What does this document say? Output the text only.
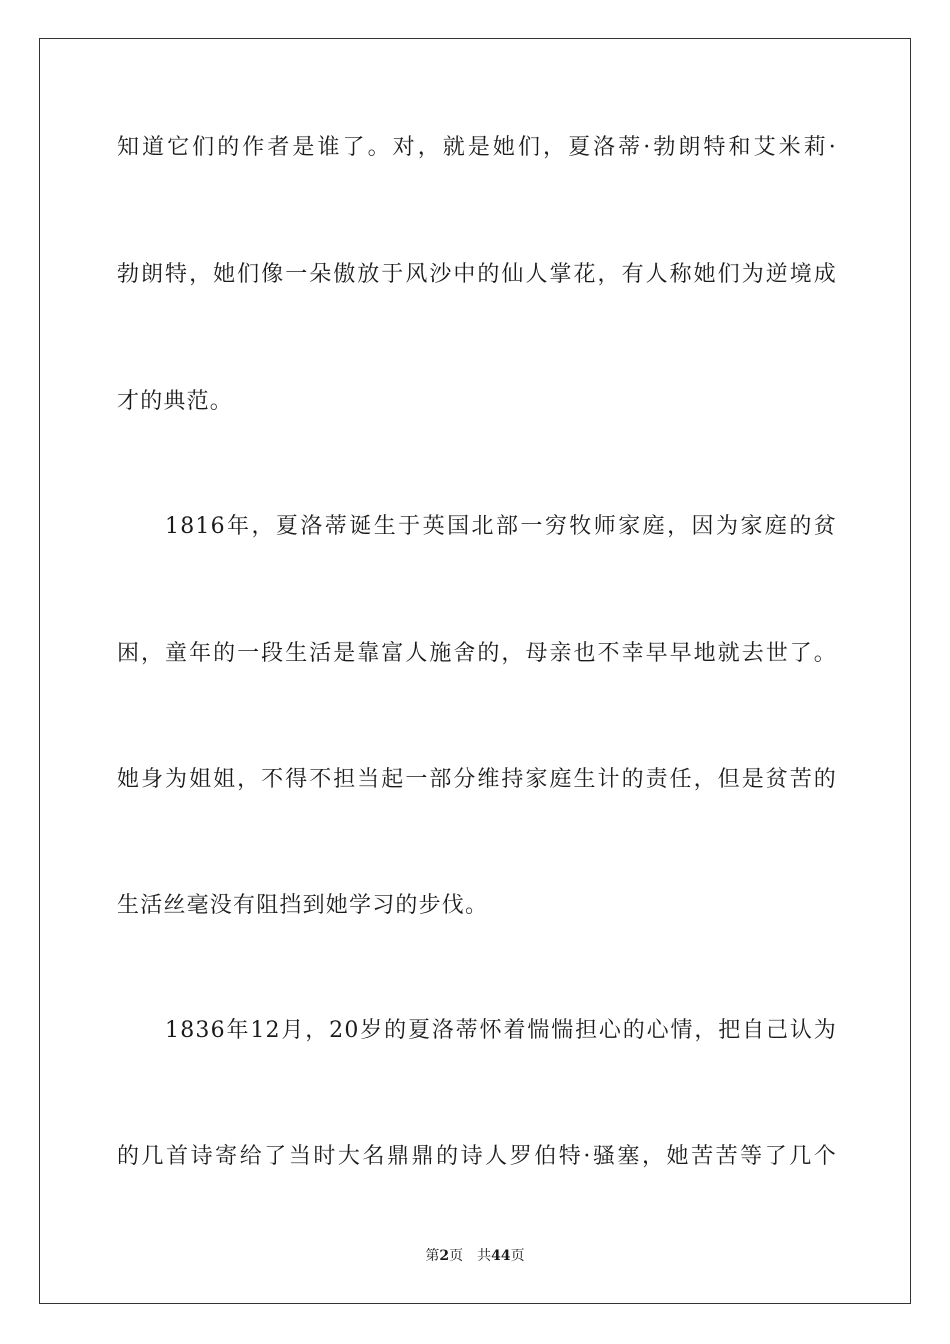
知道它们的作者是谁了。对，就是她们，夏洛蒂·勃朗特和艾米莉·
勃朗特，她们像一朵傲放于风沙中的仙人掌花，有人称她们为逆境成
才的典范。
1816年，夏洛蒂诞生于英国北部一穷牧师家庭，因为家庭的贫
困，童年的一段生活是靠富人施舍的，母亲也不幸早早地就去世了。
她身为姐姐，不得不担当起一部分维持家庭生计的责任，但是贫苦的
生活丝毫没有阻挡到她学习的步伐。
1836年12月，20岁的夏洛蒂怀着惴惴担心的心情，把自己认为
的几首诗寄给了当时大名鼎鼎的诗人罗伯特·骚塞，她苦苦等了几个
第2页 共44页
